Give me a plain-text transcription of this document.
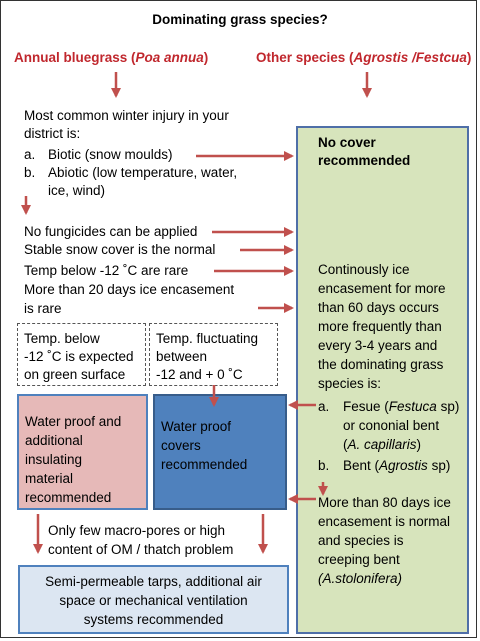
Dominating grass species?
Annual bluegrass (Poa annua)	Other species (Agrostis /Festcua)
Most common winter injury in your
district is:
a. Biotic (snow moulds)
b. Abiotic (low temperature, water,
ice, wind)
No fungicides can be applied
Stable snow cover is the normal
Temp below -12 ˚C are rare
More than 20 days ice encasement
is rare
No cover
recommended
Continously ice
encasement for more
than 60 days occurs
more frequently than
every 3-4 years and
the dominating grass
species is:
a. Fesue (Festuca sp)
or cononial bent
(A. capillaris)
b. Bent (Agrostis sp)
More than 80 days ice
encasement is normal
and species is
creeping bent
(A.stolonifera)
Temp. below
-12 ˚C is expected
on green surface
Temp. fluctuating
between
-12 and + 0 ˚C
Water proof and
additional
insulating
material
recommended
Water proof
covers
recommended
Only few macro-pores or high
content of OM / thatch problem
Semi-permeable tarps, additional air
space or mechanical ventilation
systems recommended
